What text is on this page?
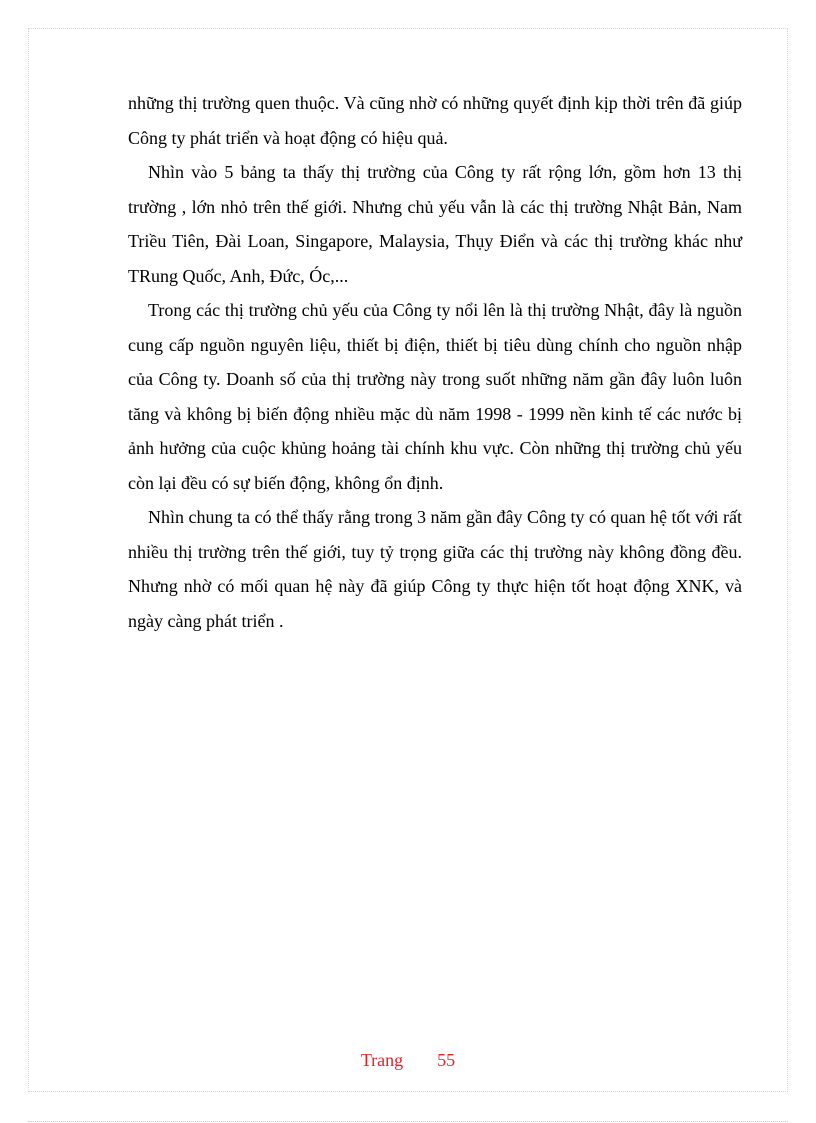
những thị trường quen thuộc. Và cũng nhờ có những quyết định kịp thời trên đã giúp Công ty phát triển và hoạt động có hiệu quả.

Nhìn vào 5 bảng ta thấy thị trường của Công ty rất rộng lớn, gồm hơn 13 thị trường , lớn nhỏ trên thế giới. Nhưng chủ yếu vẫn là các thị trường Nhật Bản, Nam Triều Tiên, Đài Loan, Singapore, Malaysia, Thụy Điển và các thị trường khác như TRung Quốc, Anh, Đức, Óc,...

Trong các thị trường chủ yếu của Công ty nổi lên là thị trường Nhật, đây là nguồn cung cấp nguồn nguyên liệu, thiết bị điện, thiết bị tiêu dùng chính cho nguồn nhập của Công ty. Doanh số của thị trường này trong suốt những năm gần đây luôn luôn tăng và không bị biến động nhiều mặc dù năm 1998 - 1999 nền kinh tế các nước bị ảnh hưởng của cuộc khủng hoảng tài chính khu vực. Còn những thị trường chủ yếu còn lại đều có sự biến động, không ổn định.

Nhìn chung ta có thể thấy rằng trong 3 năm gần đây Công ty có quan hệ tốt với rất nhiều thị trường trên thế giới, tuy tỷ trọng giữa các thị trường này không đồng đều. Nhưng nhờ có mối quan hệ này đã giúp Công ty thực hiện tốt hoạt động XNK, và ngày càng phát triển .

Trang 55
